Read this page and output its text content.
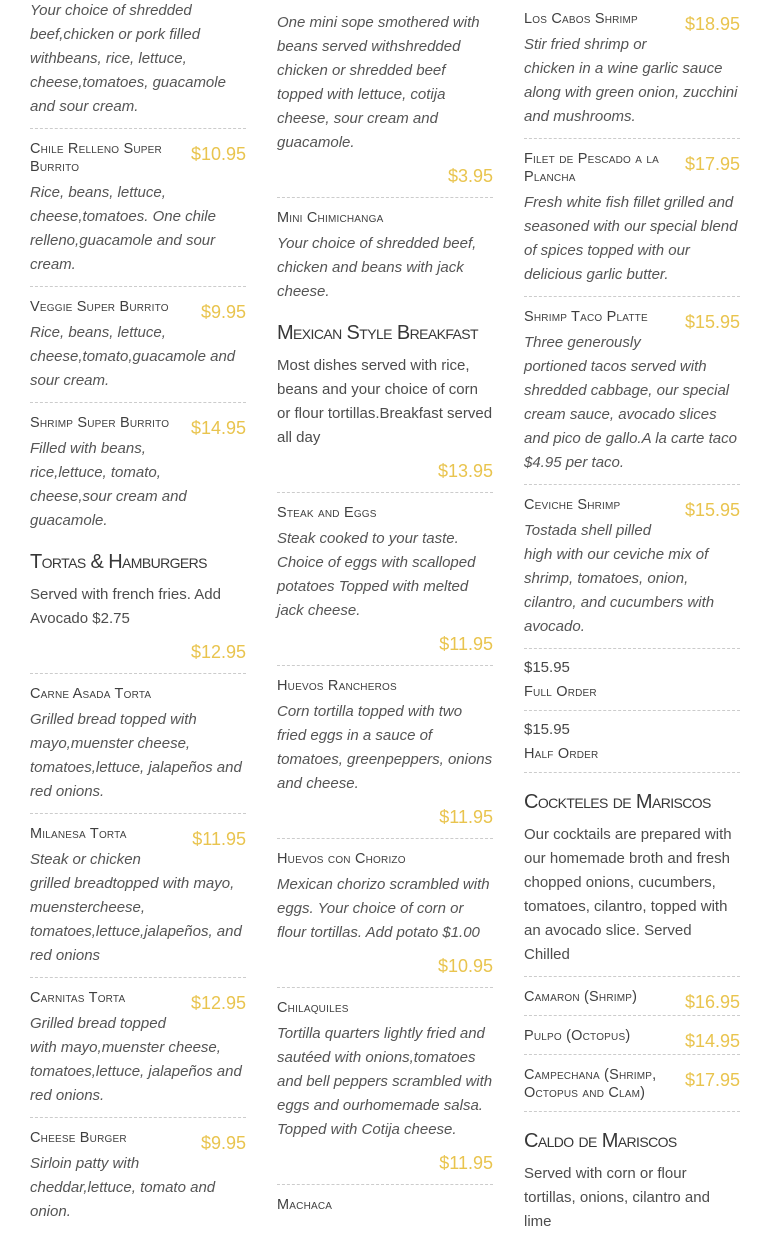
Your choice of shredded beef,chicken or pork filled withbeans, rice, lettuce, cheese,tomatoes, guacamole and sour cream.

$10.95
Chile Relleno Super Burrito

Rice, beans, lettuce, cheese,tomatoes. One chile relleno,guacamole and sour cream.

$9.95
Veggie Super Burrito

Rice, beans, lettuce, cheese,tomato,guacamole and sour cream.

$14.95
Shrimp Super Burrito

Filled with beans, rice,lettuce, tomato, cheese,sour cream and guacamole.

Tortas & Hamburgers

Served with french fries. Add Avocado $2.75

$12.95
Carne Asada Torta

Grilled bread topped with mayo,muenster cheese, tomatoes,lettuce, jalapeños and red onions.

$11.95
Milanesa Torta

Steak or chicken grilled breadtopped with mayo, muenstercheese, tomatoes,lettuce,jalapeños, and red onions

$12.95
Carnitas Torta

Grilled bread topped with mayo,muenster cheese, tomatoes,lettuce, jalapeños and red onions.

$9.95
Cheese Burger

Sirloin patty with cheddar,lettuce, tomato and onion.

One mini sope smothered with beans served withshredded chicken or shredded beef topped with lettuce, cotija cheese, sour cream and guacamole.

$3.95
Mini Chimichanga

Your choice of shredded beef, chicken and beans with jack cheese.

Mexican Style Breakfast

Most dishes served with rice, beans and your choice of corn or flour tortillas.Breakfast served all day

$13.95
Steak and Eggs

Steak cooked to your taste. Choice of eggs with scalloped potatoes Topped with melted jack cheese.

$11.95
Huevos Rancheros

Corn tortilla topped with two fried eggs in a sauce of tomatoes, greenpeppers, onions and cheese.

$11.95
Huevos con Chorizo

Mexican chorizo scrambled with eggs. Your choice of corn or flour tortillas. Add potato $1.00

$10.95
Chilaquiles

Tortilla quarters lightly fried and sautéed with onions,tomatoes and bell peppers scrambled with eggs and ourhomemade salsa. Topped with Cotija cheese.

$11.95
Machaca
$18.95
Los Cabos Shrimp

Stir fried shrimp or chicken in a wine garlic sauce along with green onion, zucchini and mushrooms.

$17.95
Filet de Pescado a la Plancha

Fresh white fish fillet grilled and seasoned with our special blend of spices topped with our delicious garlic butter.

$15.95
Shrimp Taco Platte

Three generously portioned tacos served with shredded cabbage, our special cream sauce, avocado slices and pico de gallo.A la carte taco $4.95 per taco.

$15.95
Ceviche Shrimp

Tostada shell pilled high with our ceviche mix of shrimp, tomatoes, onion, cilantro, and cucumbers with avocado.

$15.95
Full Order
$15.95
Half Order
Cockteles de Mariscos

Our cocktails are prepared with our homemade broth and fresh chopped onions, cucumbers, tomatoes, cilantro, topped with an avocado slice. Served Chilled

$16.95
Camaron (Shrimp)
$14.95
Pulpo (Octopus)
$17.95
Campechana (Shrimp, Octopus and Clam)
Caldo de Mariscos

Served with corn or flour tortillas, onions, cilantro and lime
